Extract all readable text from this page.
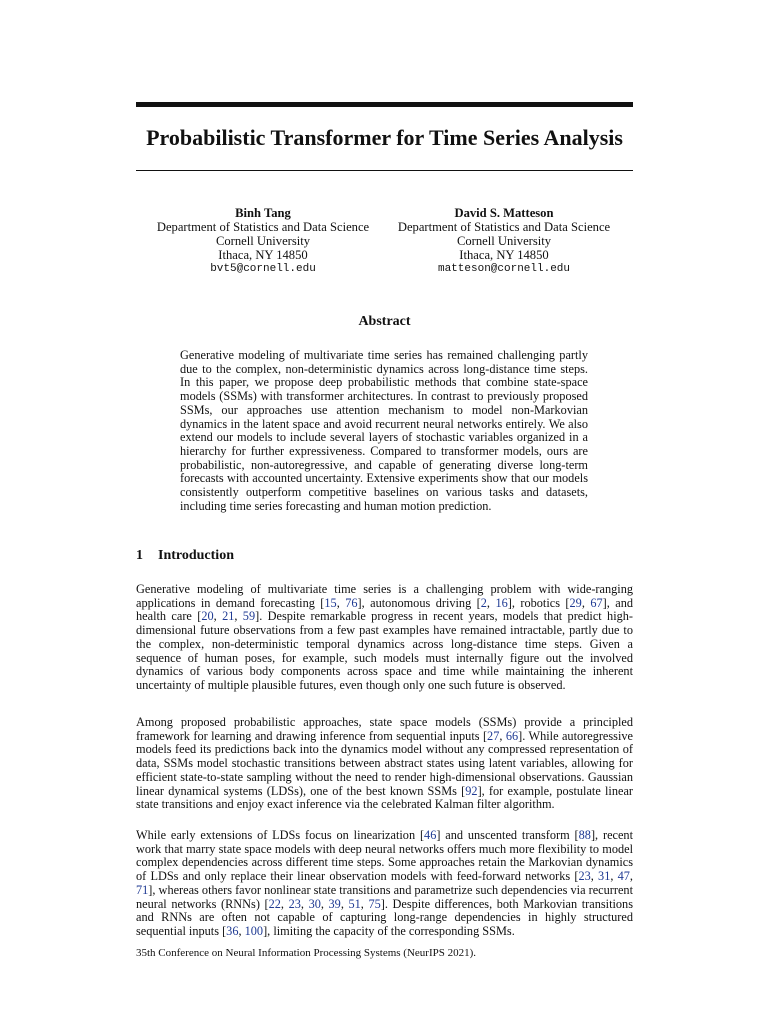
Probabilistic Transformer for Time Series Analysis
Binh Tang
Department of Statistics and Data Science
Cornell University
Ithaca, NY 14850
bvt5@cornell.edu
David S. Matteson
Department of Statistics and Data Science
Cornell University
Ithaca, NY 14850
matteson@cornell.edu
Abstract
Generative modeling of multivariate time series has remained challenging partly due to the complex, non-deterministic dynamics across long-distance time steps. In this paper, we propose deep probabilistic methods that combine state-space models (SSMs) with transformer architectures. In contrast to previously proposed SSMs, our approaches use attention mechanism to model non-Markovian dynamics in the latent space and avoid recurrent neural networks entirely. We also extend our models to include several layers of stochastic variables organized in a hierarchy for further expressiveness. Compared to transformer models, ours are probabilistic, non-autoregressive, and capable of generating diverse long-term forecasts with accounted uncertainty. Extensive experiments show that our models consistently outperform competitive baselines on various tasks and datasets, including time series forecasting and human motion prediction.
1 Introduction
Generative modeling of multivariate time series is a challenging problem with wide-ranging applications in demand forecasting [15, 76], autonomous driving [2, 16], robotics [29, 67], and health care [20, 21, 59]. Despite remarkable progress in recent years, models that predict high-dimensional future observations from a few past examples have remained intractable, partly due to the complex, non-deterministic temporal dynamics across long-distance time steps. Given a sequence of human poses, for example, such models must internally figure out the involved dynamics of various body components across space and time while maintaining the inherent uncertainty of multiple plausible futures, even though only one such future is observed.
Among proposed probabilistic approaches, state space models (SSMs) provide a principled framework for learning and drawing inference from sequential inputs [27, 66]. While autoregressive models feed its predictions back into the dynamics model without any compressed representation of data, SSMs model stochastic transitions between abstract states using latent variables, allowing for efficient state-to-state sampling without the need to render high-dimensional observations. Gaussian linear dynamical systems (LDSs), one of the best known SSMs [92], for example, postulate linear state transitions and enjoy exact inference via the celebrated Kalman filter algorithm.
While early extensions of LDSs focus on linearization [46] and unscented transform [88], recent work that marry state space models with deep neural networks offers much more flexibility to model complex dependencies across different time steps. Some approaches retain the Markovian dynamics of LDSs and only replace their linear observation models with feed-forward networks [23, 31, 47, 71], whereas others favor nonlinear state transitions and parametrize such dependencies via recurrent neural networks (RNNs) [22, 23, 30, 39, 51, 75]. Despite differences, both Markovian transitions and RNNs are often not capable of capturing long-range dependencies in highly structured sequential inputs [36, 100], limiting the capacity of the corresponding SSMs.
35th Conference on Neural Information Processing Systems (NeurIPS 2021).
